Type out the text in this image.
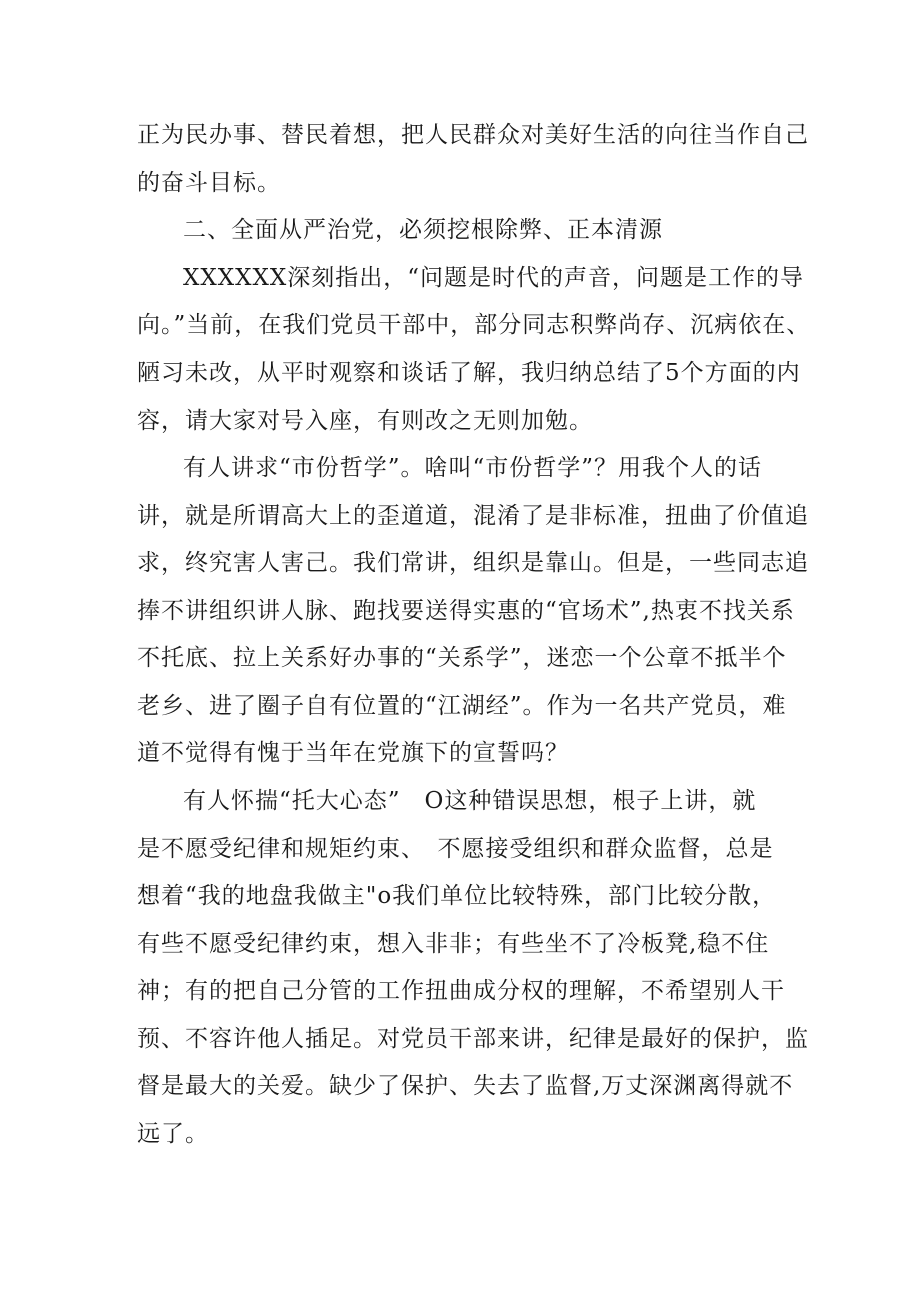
正为民办事、替民着想，把人民群众对美好生活的向往当作自己
的奋斗目标。
二、全面从严治党，必须挖根除弊、正本清源
XXXXXX深刻指出，“问题是时代的声音，问题是工作的导
向。”当前，在我们党员干部中，部分同志积弊尚存、沉病依在、
陋习未改，从平时观察和谈话了解，我归纳总结了5个方面的内
容，请大家对号入座，有则改之无则加勉。
有人讲求“市份哲学”。啥叫“市份哲学”？用我个人的话
讲，就是所谓高大上的歪道道，混淆了是非标准，扭曲了价值追
求，终究害人害己。我们常讲，组织是靠山。但是，一些同志追
捧不讲组织讲人脉、跑找要送得实惠的“官场术”,热衷不找关系
不托底、拉上关系好办事的“关系学”，迷恋一个公章不抵半个
老乡、进了圈子自有位置的“江湖经”。作为一名共产党员，难
道不觉得有愧于当年在党旗下的宣誓吗？
有人怀揣“托大心态”　O这种错误思想，根子上讲，就
是不愿受纪律和规矩约束、　不愿接受组织和群众监督，总是
想着“我的地盘我做主"o我们单位比较特殊，部门比较分散，
有些不愿受纪律约束，想入非非；有些坐不了冷板凳,稳不住
神；有的把自己分管的工作扭曲成分权的理解，不希望别人干
预、不容许他人插足。对党员干部来讲，纪律是最好的保护，监
督是最大的关爱。缺少了保护、失去了监督,万丈深渊离得就不
远了。
